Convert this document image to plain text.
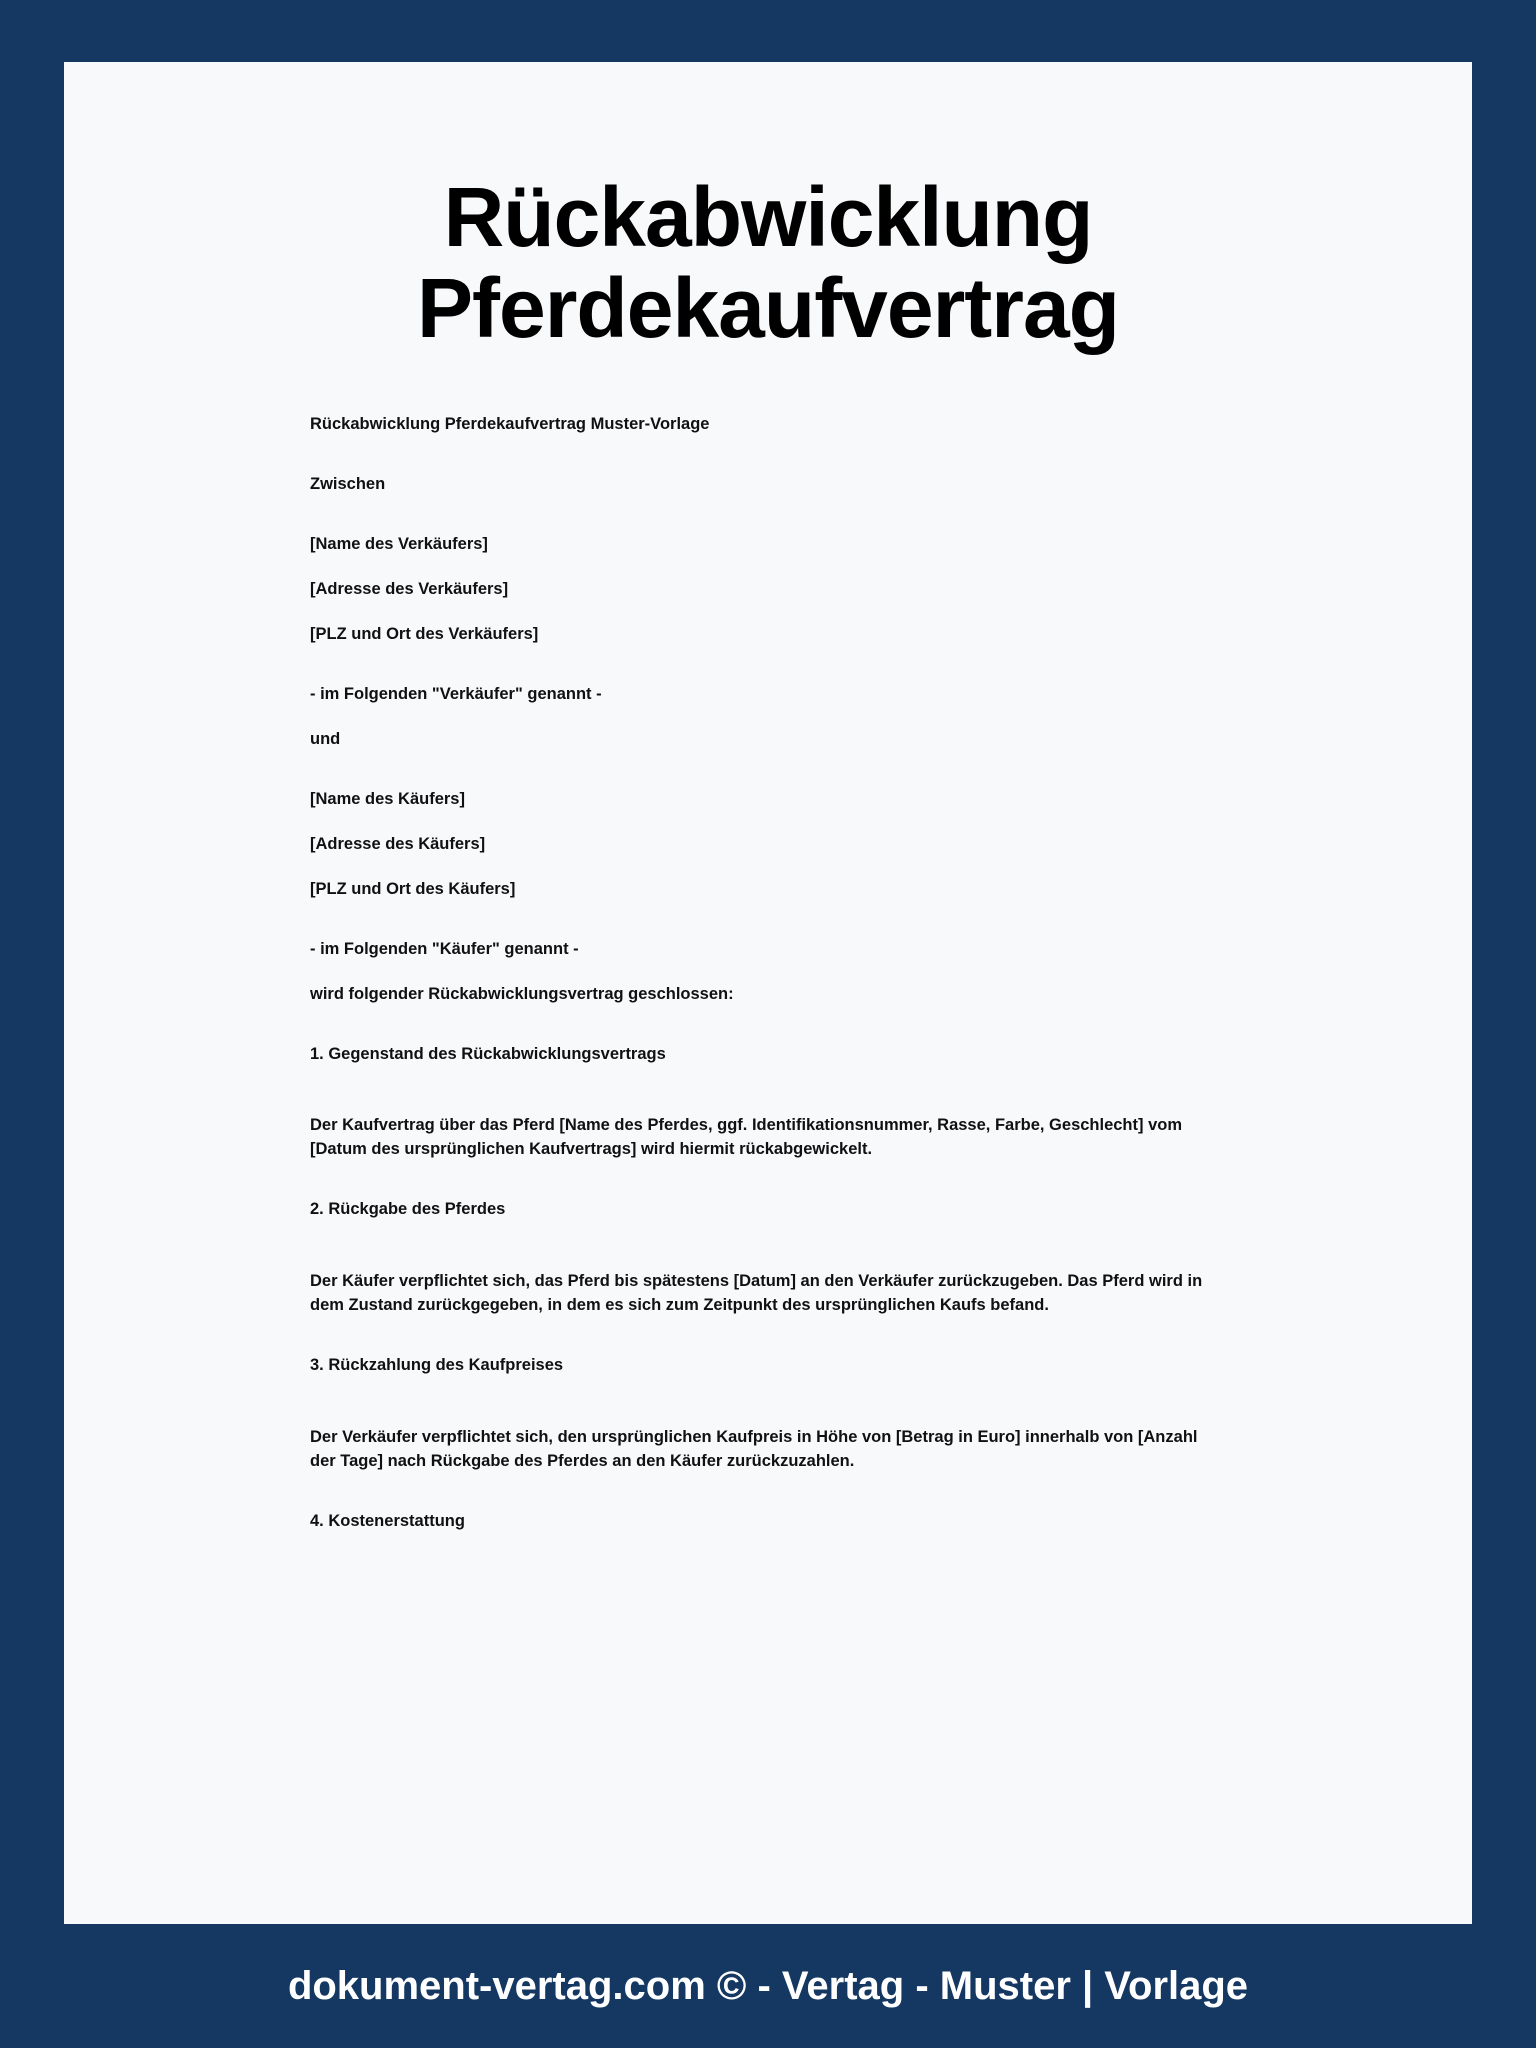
Rückabwicklung Pferdekaufvertrag

Rückabwicklung Pferdekaufvertrag Muster-Vorlage

Zwischen

[Name des Verkäufers]

[Adresse des Verkäufers]

[PLZ und Ort des Verkäufers]

- im Folgenden "Verkäufer" genannt -

und

[Name des Käufers]

[Adresse des Käufers]

[PLZ und Ort des Käufers]

- im Folgenden "Käufer" genannt -

wird folgender Rückabwicklungsvertrag geschlossen:

1. Gegenstand des Rückabwicklungsvertrags

Der Kaufvertrag über das Pferd [Name des Pferdes, ggf. Identifikationsnummer, Rasse, Farbe, Geschlecht] vom [Datum des ursprünglichen Kaufvertrags] wird hiermit rückabgewickelt.

2. Rückgabe des Pferdes

Der Käufer verpflichtet sich, das Pferd bis spätestens [Datum] an den Verkäufer zurückzugeben. Das Pferd wird in dem Zustand zurückgegeben, in dem es sich zum Zeitpunkt des ursprünglichen Kaufs befand.

3. Rückzahlung des Kaufpreises

Der Verkäufer verpflichtet sich, den ursprünglichen Kaufpreis in Höhe von [Betrag in Euro] innerhalb von [Anzahl der Tage] nach Rückgabe des Pferdes an den Käufer zurückzuzahlen.

4. Kostenerstattung

dokument-vertag.com © - Vertag - Muster | Vorlage
